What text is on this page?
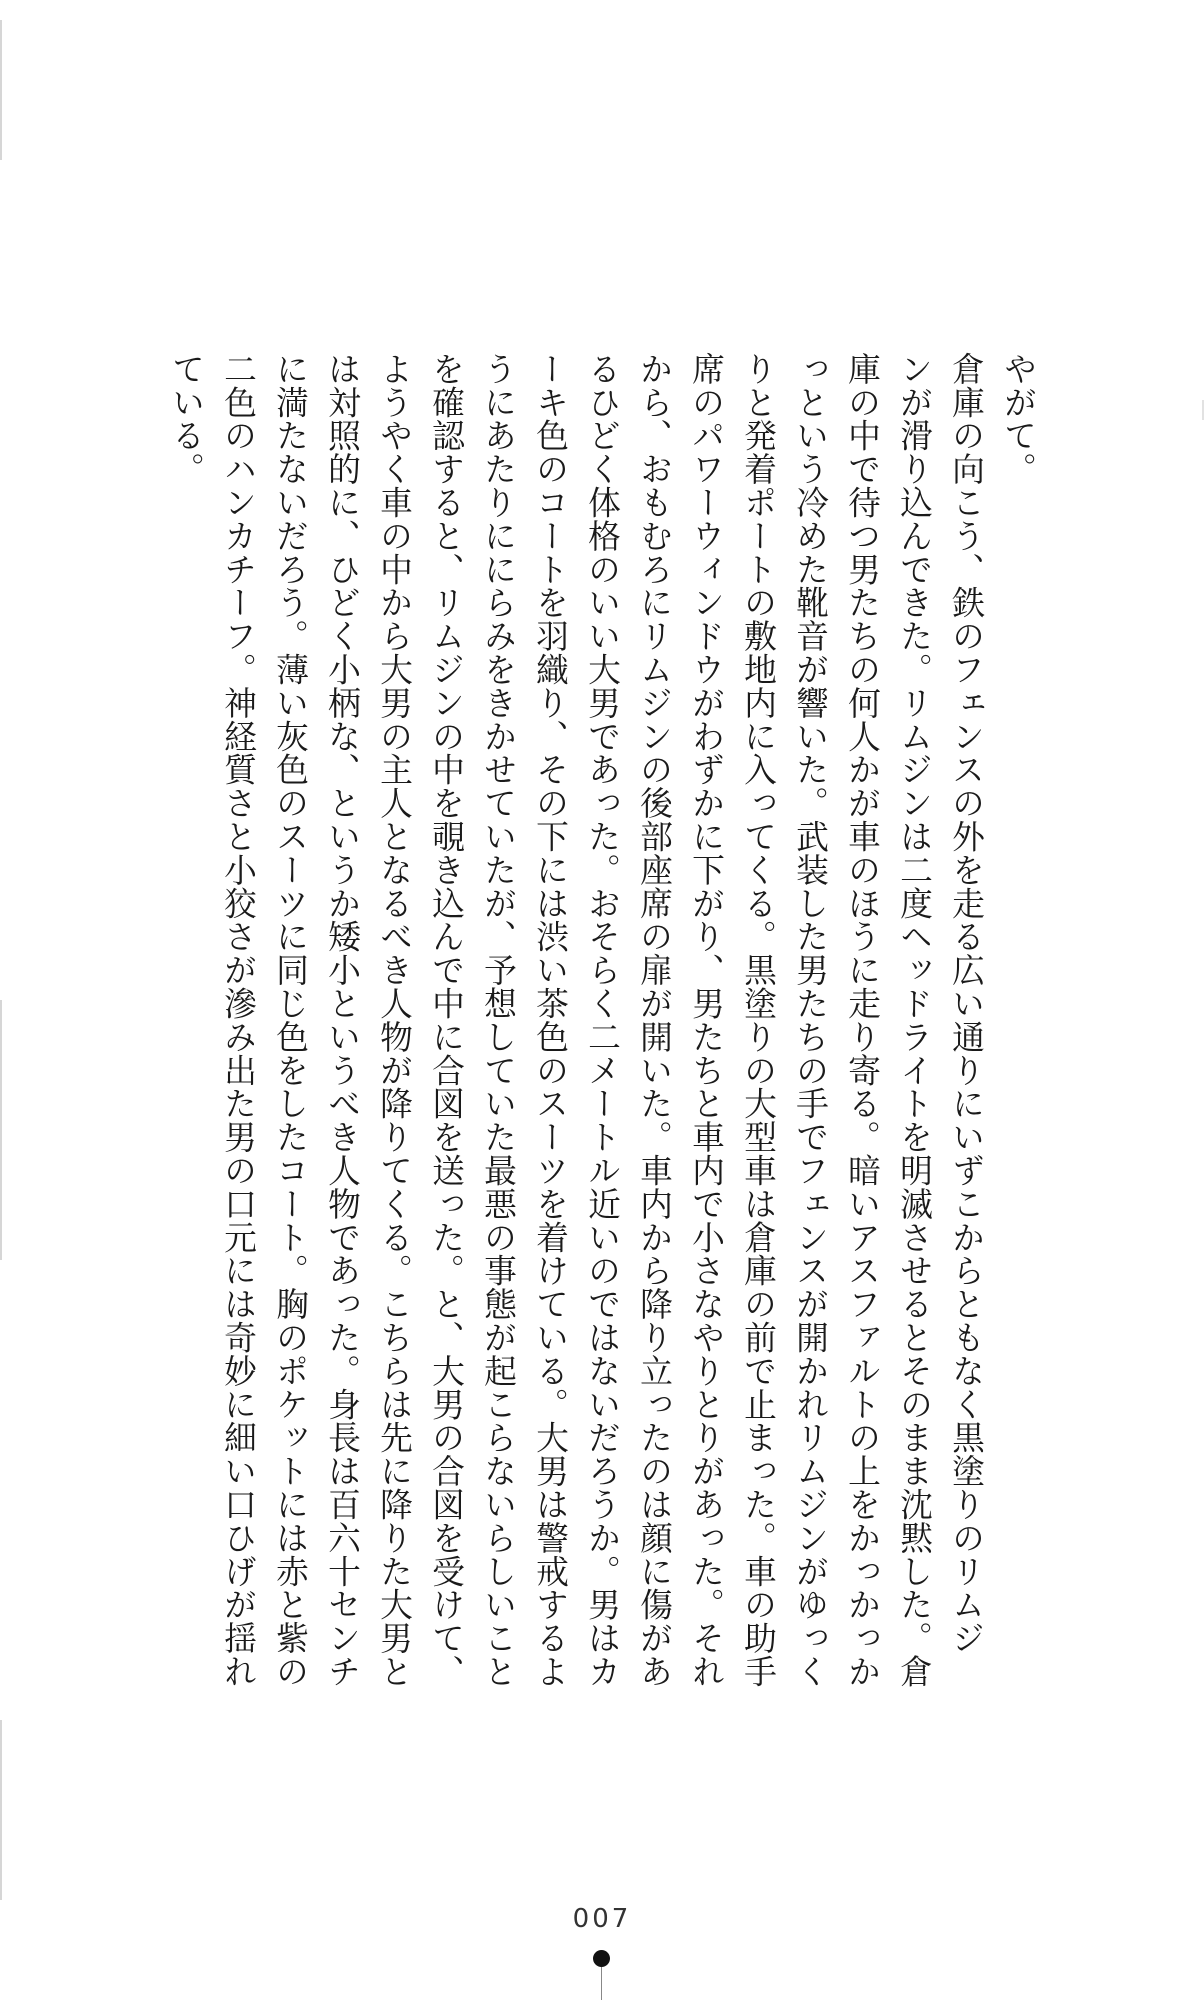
やがて。
倉庫の向こう、鉄のフェンスの外を走る広い通りにいずこからともなく黒塗りのリムジ
ンが滑り込んできた。リムジンは二度ヘッドライトを明滅させるとそのまま沈黙した。倉
庫の中で待つ男たちの何人かが車のほうに走り寄る。暗いアスファルトの上をかっかっか
っという冷めた靴音が響いた。武装した男たちの手でフェンスが開かれリムジンがゆっく
りと発着ポートの敷地内に入ってくる。黒塗りの大型車は倉庫の前で止まった。車の助手
席のパワーウィンドウがわずかに下がり、男たちと車内で小さなやりとりがあった。それ
から、おもむろにリムジンの後部座席の扉が開いた。車内から降り立ったのは顔に傷があ
るひどく体格のいい大男であった。おそらく二メートル近いのではないだろうか。男はカ
ーキ色のコートを羽織り、その下には渋い茶色のスーツを着けている。大男は警戒するよ
うにあたりににらみをきかせていたが、予想していた最悪の事態が起こらないらしいこと
を確認すると、リムジンの中を覗き込んで中に合図を送った。と、大男の合図を受けて、
ようやく車の中から大男の主人となるべき人物が降りてくる。こちらは先に降りた大男と
は対照的に、ひどく小柄な、というか矮小というべき人物であった。身長は百六十センチ
に満たないだろう。薄い灰色のスーツに同じ色をしたコート。胸のポケットには赤と紫の
二色のハンカチーフ。神経質さと小狡さが滲み出た男の口元には奇妙に細い口ひげが揺れ
ている。
007
